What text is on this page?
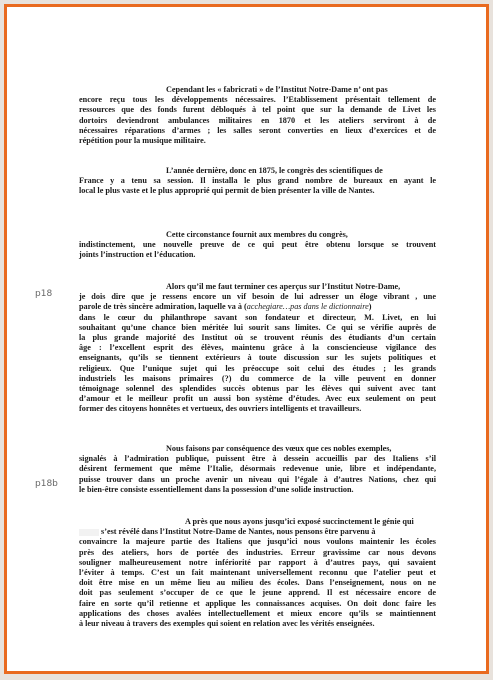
Cependant les « fabricrati » de l’Institut Notre-Dame n’ ont pas
encore reçu tous les développements nécessaires. l’Etablissement présentait tellement de
ressources que des fonds furent débloqués à tel point que sur la demande de Livet les
dortoirs deviendront ambulances militaires en 1870 et les ateliers serviront à de
nécessaires réparations d’armes ; les salles seront converties en lieux d’exercices et de
répétition pour la musique militaire.
L’année dernière, donc en 1875, le congrès des scientifiques de
France y a tenu sa session. Il installa le plus grand nombre de bureaux en ayant le
local le plus vaste et le plus approprié qui permit de bien présenter la ville de Nantes.
Cette circonstance fournit aux membres du congrès,
indistinctement, une nouvelle preuve de ce qui peut être obtenu lorsque se trouvent
joints l’instruction et l’éducation.
p18
Alors qu’il me faut terminer ces aperçus sur l’Institut Notre-Dame,
je dois dire que je ressens encore un vif besoin de lui adresser un éloge vibrant , une
parole de très sincère admiration, laquelle va à (acchegiare…pas dans le dictionnaire)
dans le cœur du philanthrope savant son fondateur et directeur, M. Livet, en lui
souhaitant qu’une chance bien méritée lui sourit sans limites. Ce qui se vérifie auprès de
la plus grande majorité des Institut où se trouvent réunis des étudiants d’un certain
âge : l’excellent esprit des élèves, maintenu grâce à la consciencieuse vigilance des
enseignants, qu’ils se tiennent extérieurs à toute discussion sur les sujets politiques et
religieux. Que l’unique sujet qui les préoccupe soit celui des études ; les grands
industriels les maisons primaires (?) du commerce de la ville peuvent en donner
témoignage solennel des splendides succès obtenus par les élèves qui suivent avec tant
d’amour et le meilleur profit un aussi bon système d’études. Avec eux seulement on peut
former des citoyens honnêtes et vertueux, des ouvriers intelligents et travailleurs.
Nous faisons par conséquence des vœux que ces nobles exemples,
signalés à l’admiration publique, puissent être à dessein accueillis par des Italiens s’il
désirent fermement que même l’Italie, désormais redevenue unie, libre et indépendante,
puisse trouver dans un proche avenir un niveau qui l’égale à d’autres Nations, chez qui
le bien-être consiste essentiellement dans la possession d’une solide instruction.
p18b
A près que nous ayons jusqu’ici exposé succinctement le génie qui
s’est révélé dans l’Institut Notre-Dame de Nantes, nous pensons être parvenu à
convaincre la majeure partie des Italiens que jusqu’ici nous voulons maintenir les écoles
près des ateliers, hors de portée des industries. Erreur gravissime car nous devons
souligner malheureusement notre infériorité par rapport à d’autres pays, qui savaient
l’éviter à temps. C’est un fait maintenant universellement reconnu que l’atelier peut et
doit être mise en un même lieu au milieu des écoles. Dans l’enseignement, nous on ne
doit pas seulement s’occuper de ce que le jeune apprend. Il est nécessaire encore de
faire en sorte qu’il retienne et applique les connaissances acquises. On doit donc faire les
applications des choses avalées intellectuellement et mieux encore qu’ils se maintiennent
à leur niveau à travers des exemples qui soient en relation avec les vérités enseignées.
